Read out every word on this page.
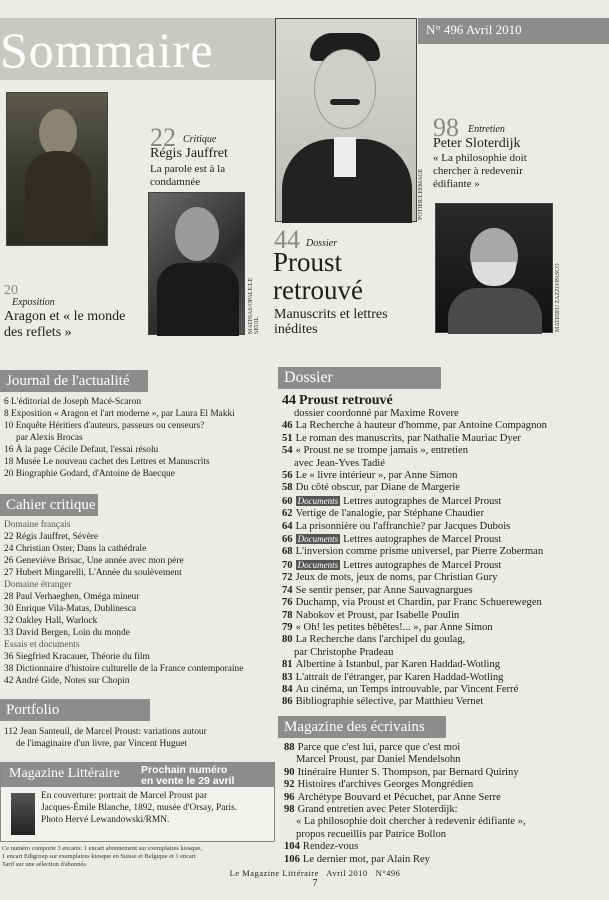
Sommaire	N° 496 Avril 2010
20
Exposition
Aragon et « le monde des reflets »
22 Critique
Régis Jauffret
La parole est à la condamnée
MATHIAS/OPALE/LE SEUIL
POTIER/LEEMAGE
44 Dossier
Proust retrouvé
Manuscrits et lettres inédites
98 Entretien
Peter Sloterdijk
« La philosophie doit chercher à redevenir édifiante »
MATHIEU ZAZZO/PASCO
Journal de l'actualité
6 L'éditorial de Joseph Macé-Scaron
8 Exposition « Aragon et l'art moderne », par Laura El Makki
10 Enquête Héritiers d'auteurs, passeurs ou censeurs?
par Alexis Brocas
16 À la page Cécile Defaut, l'essai résolu
18 Musée Le nouveau cachet des Lettres et Manuscrits
20 Biographie Godard, d'Antoine de Baecque
Cahier critique
Domaine français
22 Régis Jauffret, Sévère
24 Christian Oster, Dans la cathédrale
26 Geneviève Brisac, Une année avec mon père
27 Hubert Mingarelli, L'Année du soulèvement
Domaine étranger
28 Paul Verhaeghen, Oméga mineur
30 Enrique Vila-Matas, Dublinesca
32 Oakley Hall, Warlock
33 David Bergen, Loin du monde
Essais et documents
36 Siegfried Kracauer, Théorie du film
38 Dictionnaire d'histoire culturelle de la France contemporaine
42 André Gide, Notes sur Chopin
Portfolio
112 Jean Santeuil, de Marcel Proust: variations autour
de l'imaginaire d'un livre, par Vincent Huguet
Magazine Littéraire Prochain numéro
en vente le 29 avril
En couverture: portrait de Marcel Proust par
Jacques-Émile Blanche, 1892, musée d'Orsay, Paris.
Photo Hervé Lewandowski/RMN.
Ce numéro comporte 3 encarts: 1 encart abonnement sur exemplaires kiosque,
1 encart Edigroup sur exemplaires kiosque en Suisse et Belgique et 1 encart
Tarif sur une sélection d'abonnés.
Dossier
44 Proust retrouvé
dossier coordonné par Maxime Rovere
46 La Recherche à hauteur d'homme, par Antoine Compagnon
51 Le roman des manuscrits, par Nathalie Mauriac Dyer
54 « Proust ne se trompe jamais », entretien
avec Jean-Yves Tadié
56 Le « livre intérieur », par Anne Simon
58 Du côté obscur, par Diane de Margerie
60 Documents Lettres autographes de Marcel Proust
62 Vertige de l'analogie, par Stéphane Chaudier
64 La prisonnière ou l'affranchie? par Jacques Dubois
66 Documents Lettres autographes de Marcel Proust
68 L'inversion comme prisme universel, par Pierre Zoberman
70 Documents Lettres autographes de Marcel Proust
72 Jeux de mots, jeux de noms, par Christian Gury
74 Se sentir penser, par Anne Sauvagnargues
76 Duchamp, via Proust et Chardin, par Franc Schuerewegen
78 Nabokov et Proust, par Isabelle Poulin
79 « Oh! les petites bêbêtes!... », par Anne Simon
80 La Recherche dans l'archipel du goulag,
par Christophe Pradeau
81 Albertine à Istanbul, par Karen Haddad-Wotling
83 L'attrait de l'étranger, par Karen Haddad-Wotling
84 Au cinéma, un Temps introuvable, par Vincent Ferré
86 Bibliographie sélective, par Matthieu Vernet
Magazine des écrivains
88 Parce que c'est lui, parce que c'est moi
Marcel Proust, par Daniel Mendelsohn
90 Itinéraire Hunter S. Thompson, par Bernard Quiriny
92 Histoires d'archives Georges Mongrédien
96 Archétype Bouvard et Pécuchet, par Anne Serre
98 Grand entretien avec Peter Sloterdijk:
« La philosophie doit chercher à redevenir édifiante »,
propos recueillis par Patrice Bollon
104 Rendez-vous
106 Le dernier mot, par Alain Rey
Le Magazine Littéraire   Avril 2010   N°496
7
